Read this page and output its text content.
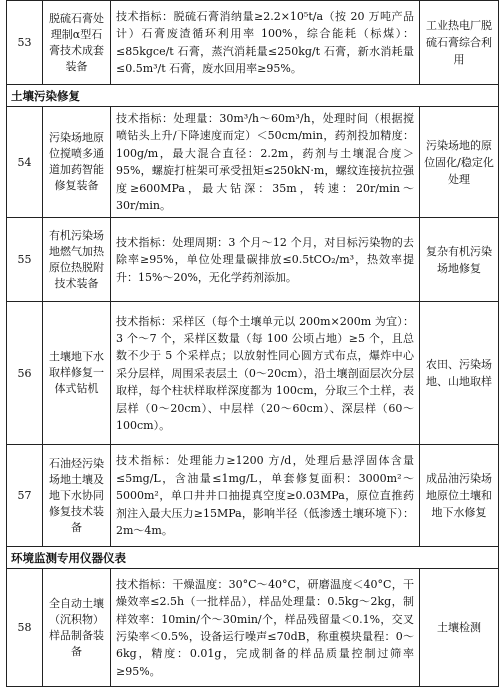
53	脱硫石膏处理制α型石膏技术成套装备	技术指标：脱硫石膏消纳量≥2.2×10⁵t/a（按 20 万吨产品计）石膏废渣循环利用率 100%，综合能耗（标煤）：≤85kgce/t 石膏，蒸汽消耗量≤250kg/t 石膏，新水消耗量≤0.5m³/t 石膏，废水回用率≥95%。	工业热电厂脱硫石膏综合利用
土壤污染修复			
54	污染场地原位搅喷多通道加药智能修复装备	技术指标：处理量：30m³/h～60m³/h，处理时间（根据搅喷钻头上升/下降速度而定）＜50cm/min，药剂投加精度：100g/m，最大混合直径：2.2m，药剂与土壤混合度＞95%，螺旋打桩架可承受扭矩≤250kN·m，螺纹连接抗拉强度≥600MPa，最大钻深：35m，转速：20r/min～30r/min。	污染场地的原位固化/稳定化处理
55	有机污染场地燃气加热原位热脱附技术装备	技术指标：处理周期：3 个月～12 个月，对目标污染物的去除率≥95%，单位处理量碳排放≤0.5tCO₂/m³，热效率提升：15%～20%，无化学药剂添加。	复杂有机污染场地修复
56	土壤地下水取样修复一体式钻机	技术指标：采样区（每个土壤单元以 200m×200m 为宜）：3 个～7 个，采样区数量（每 100 公顷占地）≥5 个，且总数不少于 5 个采样点；以放射性同心圆方式布点，爆炸中心采分层样，周围采表层土（0～20cm），沿土壤剖面层次分层取样，每个柱状样取样深度都为 100cm，分取三个土样，表层样（0～20cm）、中层样（20～60cm）、深层样（60～100cm）。	农田、污染场地、山地取样
57	石油烃污染场地土壤及地下水协同修复技术装备	技术指标：处理能力≥1200 方/d，处理后悬浮固体含量≤5mg/L，含油量≤1mg/L，单套修复面积：3000m²～5000m²，单口井井口抽提真空度≥0.03MPa，原位直推药剂注入最大压力≥15MPa，影响半径（低渗透土壤环境下）：2m～4m。	成品油污染场地原位土壤和地下水修复
环境监测专用仪器仪表			
58	全自动土壤（沉积物）样品制备装备	技术指标：干燥温度：30°C～40°C，研磨温度＜40°C，干燥效率≤2.5h（一批样品），样品处理量：0.5kg～2kg，制样效率：10min/个～30min/个，样品残留量＜0.1%，交叉污染率＜0.5%，设备运行噪声≤70dB，称重模块量程：0～6kg，精度：0.01g，完成制备的样品质量控制过筛率≥95%。	土壤检测
